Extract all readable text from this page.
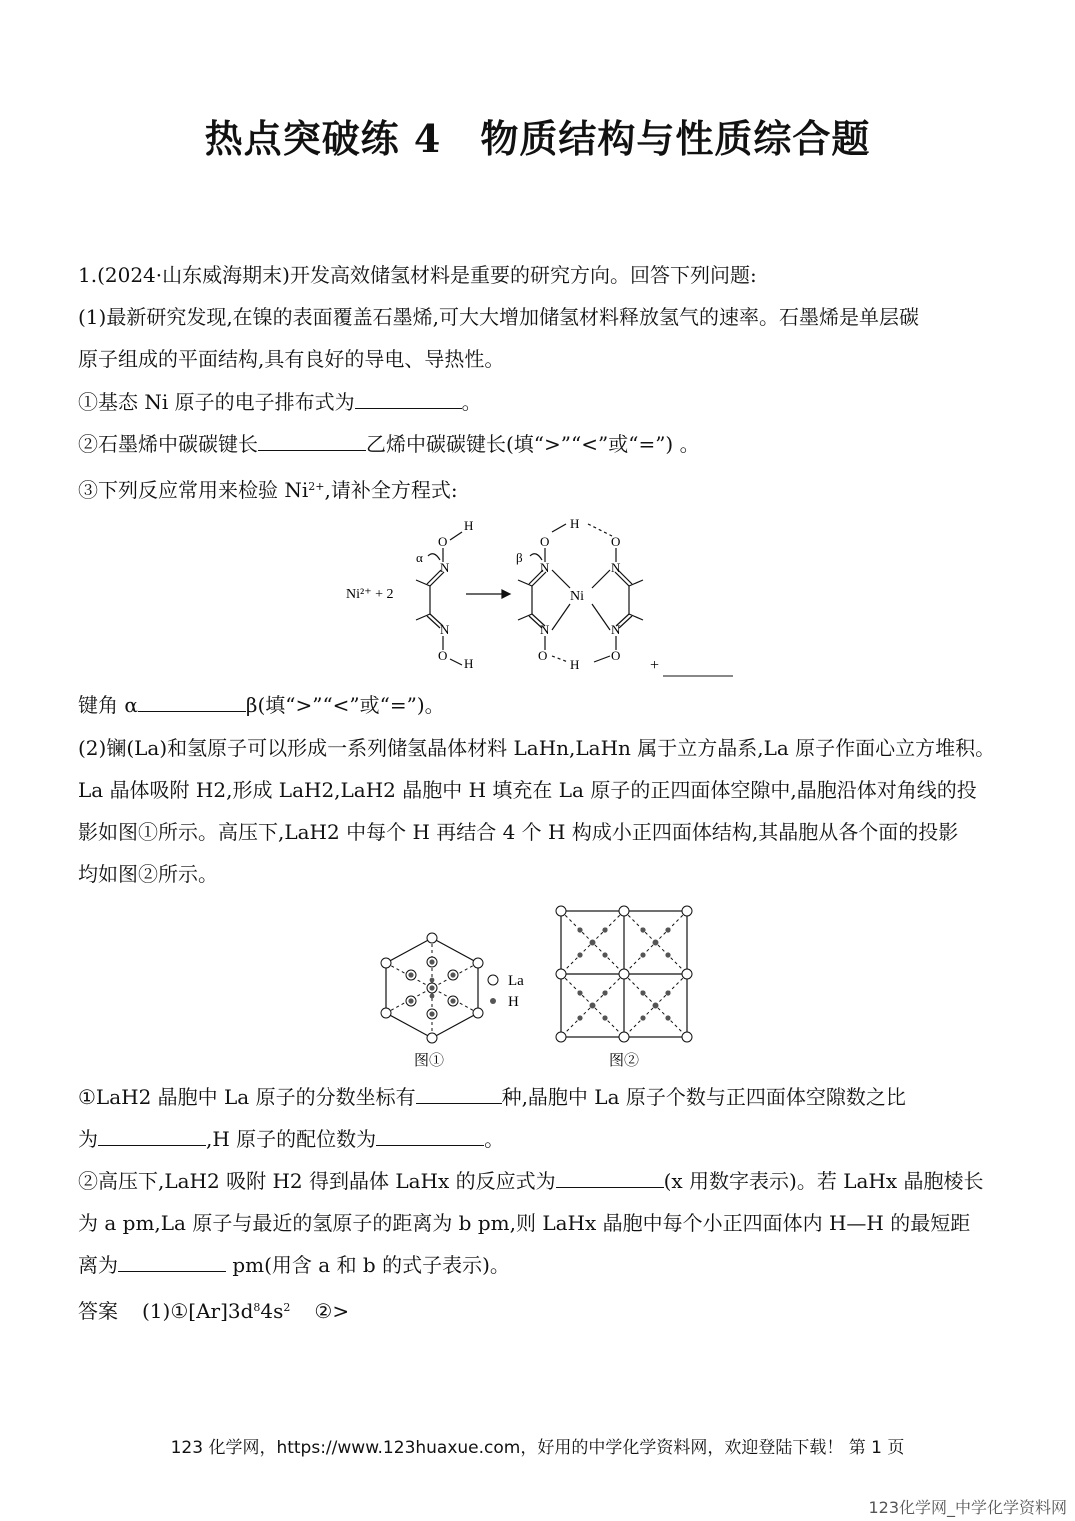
热点突破练 4　物质结构与性质综合题
1.(2024·山东威海期末)开发高效储氢材料是重要的研究方向。回答下列问题:
(1)最新研究发现,在镍的表面覆盖石墨烯,可大大增加储氢材料释放氢气的速率。石墨烯是单层碳
原子组成的平面结构,具有良好的导电、导热性。
①基态 Ni 原子的电子排布式为	。
②石墨烯中碳碳键长	乙烯中碳碳键长(填“>”“<”或“=”) 。
③下列反应常用来检验 $Ni^{2+}$,请补全方程式:
Ni²⁺ + 2
O
H
N
α
N
O
H
O
H
O
N	N
Ni
N	N
O
H
O
β
+
键角 α	β(填“>”“<”或“=”)。
(2)镧(La)和氢原子可以形成一系列储氢晶体材料 LaHn,LaHn 属于立方晶系,La 原子作面心立方堆积。
La 晶体吸附 H2,形成 LaH2,LaH2 晶胞中 H 填充在 La 原子的正四面体空隙中,晶胞沿体对角线的投
影如图①所示。高压下,LaH2 中每个 H 再结合 4 个 H 构成小正四面体结构,其晶胞从各个面的投影
均如图②所示。
La
H
图①	图②
①LaH2 晶胞中 La 原子的分数坐标有	种,晶胞中 La 原子个数与正四面体空隙数之比
为	,H 原子的配位数为	。
②高压下,LaH2 吸附 H2 得到晶体 LaHx 的反应式为	(x 用数字表示)。若 LaHx 晶胞棱长
为 a pm,La 原子与最近的氢原子的距离为 b pm,则 LaHx 晶胞中每个小正四面体内 H—H 的最短距
离为	pm(用含 a 和 b 的式子表示)。
答案 $(1)①[Ar]3d^84s^2$ ②>
123 化学网，https://www.123huaxue.com，好用的中学化学资料网，欢迎登陆下载！ 第 1 页
123化学网_中学化学资料网
